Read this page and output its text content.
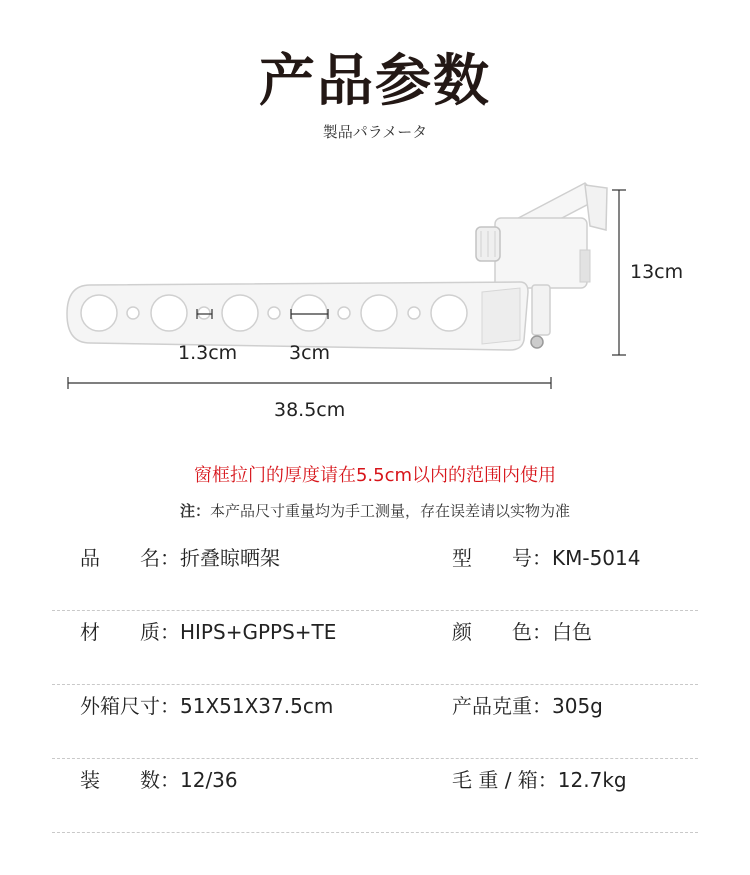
产品参数
製品パラメータ
1.3cm	3cm
38.5cm
13cm
窗框拉门的厚度请在5.5cm以内的范围内使用
注：本产品尺寸重量均为手工测量，存在误差请以实物为准
品　　名：折叠晾晒架	型　　号：KM-5014
材　　质：HIPS+GPPS+TE	颜　　色：白色
外箱尺寸：51X51X37.5cm	产品克重：305g
装　　数：12/36	毛 重 / 箱：12.7kg
